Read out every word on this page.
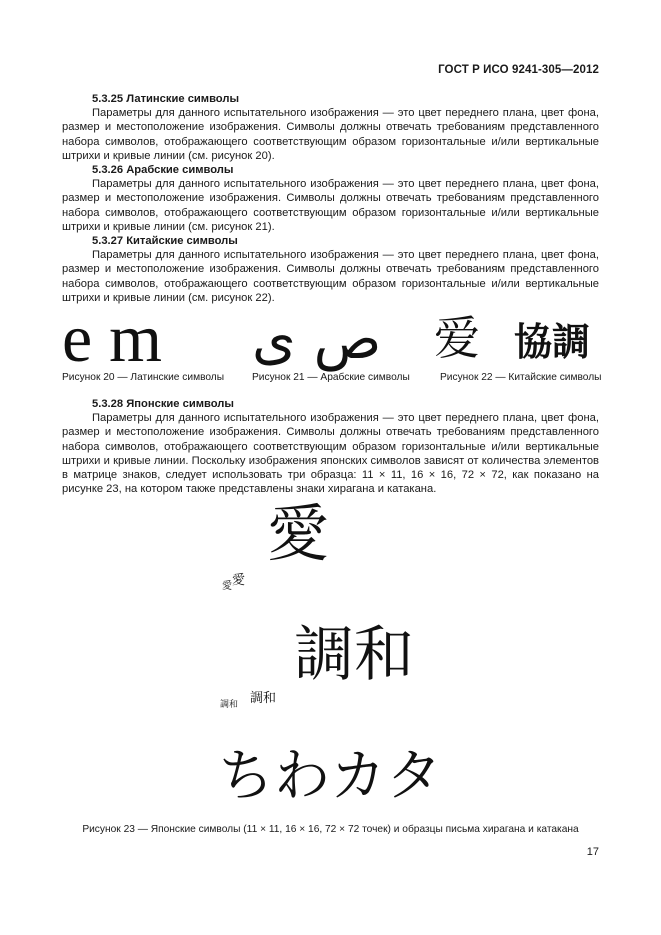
ГОСТ Р ИСО 9241-305—2012

5.3.25 Латинские символы

Параметры для данного испытательного изображения — это цвет переднего плана, цвет фона, размер и местоположение изображения. Символы должны отвечать требованиям представленного набора символов, отображающего соответствующим образом горизонтальные и/или вертикальные штрихи и кривые линии (см. рисунок 20).

5.3.26 Арабские символы

Параметры для данного испытательного изображения — это цвет переднего плана, цвет фона, размер и местоположение изображения. Символы должны отвечать требованиям представленного набора символов, отображающего соответствующим образом горизонтальные и/или вертикальные штрихи и кривые линии (см. рисунок 21).

5.3.27 Китайские символы

Параметры для данного испытательного изображения — это цвет переднего плана, цвет фона, размер и местоположение изображения. Символы должны отвечать требованиям представленного набора символов, отображающего соответствующим образом горизонтальные и/или вертикальные штрихи и кривые линии (см. рисунок 22).

e m ص ى 爱 協調
Рисунок 20 — Латинские символы	Рисунок 21 — Арабские символы	Рисунок 22 — Китайские символы

5.3.28 Японские символы

Параметры для данного испытательного изображения — это цвет переднего плана, цвет фона, размер и местоположение изображения. Символы должны отвечать требованиям представленного набора символов, отображающего соответствующим образом горизонтальные и/или вертикальные штрихи и кривые линии. Поскольку изображения японских символов зависят от количества элементов в матрице знаков, следует использовать три образца: 11 × 11, 16 × 16, 72 × 72, как показано на рисунке 23, на котором также представлены знаки хирагана и катакана.

愛 愛
愛
調和 調和
調和
ちわカタ
Рисунок 23 — Японские символы (11 × 11, 16 × 16, 72 × 72 точек) и образцы письма хирагана и катакана
17
